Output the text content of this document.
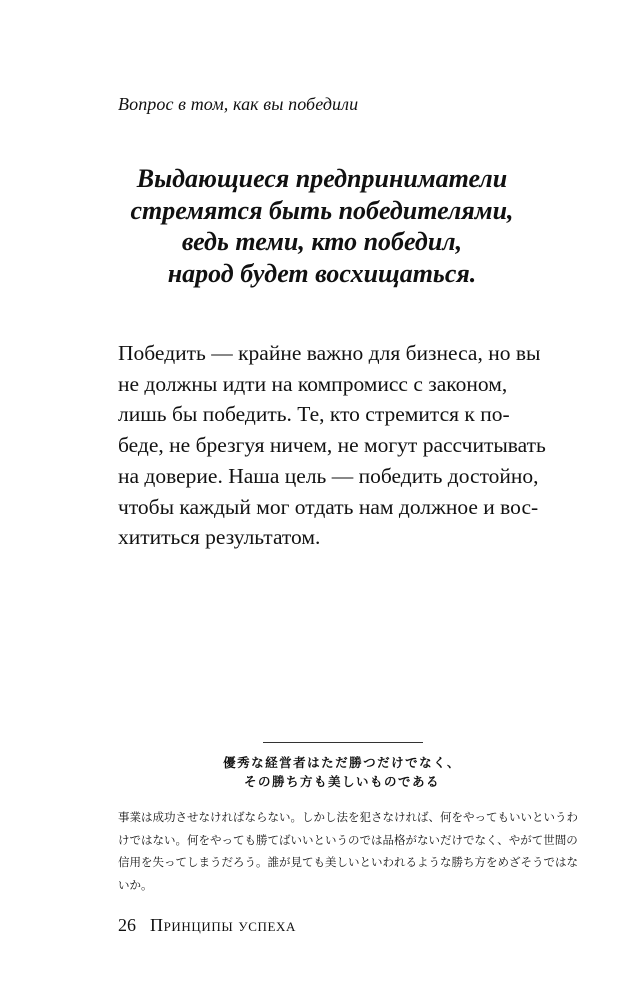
Вопрос в том, как вы победили
Выдающиеся предприниматели
стремятся быть победителями,
ведь теми, кто победил,
народ будет восхищаться.
Победить — крайне важно для бизнеса, но вы
не должны идти на компромисс с законом,
лишь бы победить. Те, кто стремится к по-
беде, не брезгуя ничем, не могут рассчитывать
на доверие. Наша цель — победить достойно,
чтобы каждый мог отдать нам должное и вос-
хититься результатом.
優秀な経営者はただ勝つだけでなく、
その勝ち方も美しいものである
事業は成功させなければならない。しかし法を犯さなければ、何をやってもいいというわ
けではない。何をやっても勝てばいいというのでは品格がないだけでなく、やがて世間の
信用を失ってしまうだろう。誰が見ても美しいといわれるような勝ち方をめざそうではな
いか。
26 Принципы успеха
